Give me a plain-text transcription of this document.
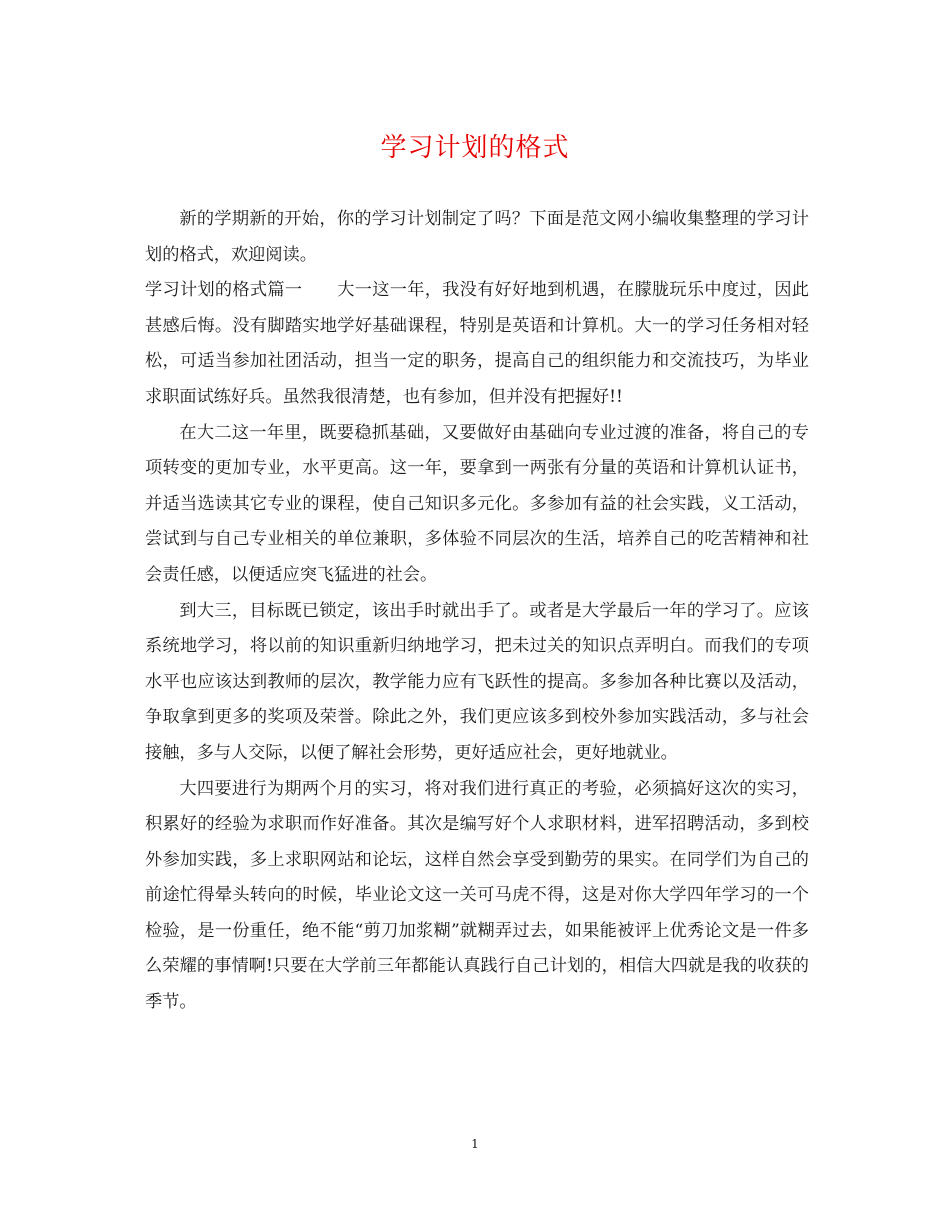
学习计划的格式

新的学期新的开始，你的学习计划制定了吗？下面是范文网小编收集整理的学习计划的格式，欢迎阅读。

学习计划的格式篇一　　大一这一年，我没有好好地到机遇，在朦胧玩乐中度过，因此甚感后悔。没有脚踏实地学好基础课程，特别是英语和计算机。大一的学习任务相对轻松，可适当参加社团活动，担当一定的职务，提高自己的组织能力和交流技巧，为毕业求职面试练好兵。虽然我很清楚，也有参加，但并没有把握好!!

在大二这一年里，既要稳抓基础，又要做好由基础向专业过渡的准备，将自己的专项转变的更加专业，水平更高。这一年，要拿到一两张有分量的英语和计算机认证书，并适当选读其它专业的课程，使自己知识多元化。多参加有益的社会实践，义工活动，尝试到与自己专业相关的单位兼职，多体验不同层次的生活，培养自己的吃苦精神和社会责任感，以便适应突飞猛进的社会。

到大三，目标既已锁定，该出手时就出手了。或者是大学最后一年的学习了。应该系统地学习，将以前的知识重新归纳地学习，把未过关的知识点弄明白。而我们的专项水平也应该达到教师的层次，教学能力应有飞跃性的提高。多参加各种比赛以及活动，争取拿到更多的奖项及荣誉。除此之外，我们更应该多到校外参加实践活动，多与社会接触，多与人交际，以便了解社会形势，更好适应社会，更好地就业。

大四要进行为期两个月的实习，将对我们进行真正的考验，必须搞好这次的实习，积累好的经验为求职而作好准备。其次是编写好个人求职材料，进军招聘活动，多到校外参加实践，多上求职网站和论坛，这样自然会享受到勤劳的果实。在同学们为自己的前途忙得晕头转向的时候，毕业论文这一关可马虎不得，这是对你大学四年学习的一个检验，是一份重任，绝不能“剪刀加浆糊”就糊弄过去，如果能被评上优秀论文是一件多么荣耀的事情啊!只要在大学前三年都能认真践行自己计划的，相信大四就是我的收获的季节。

1
